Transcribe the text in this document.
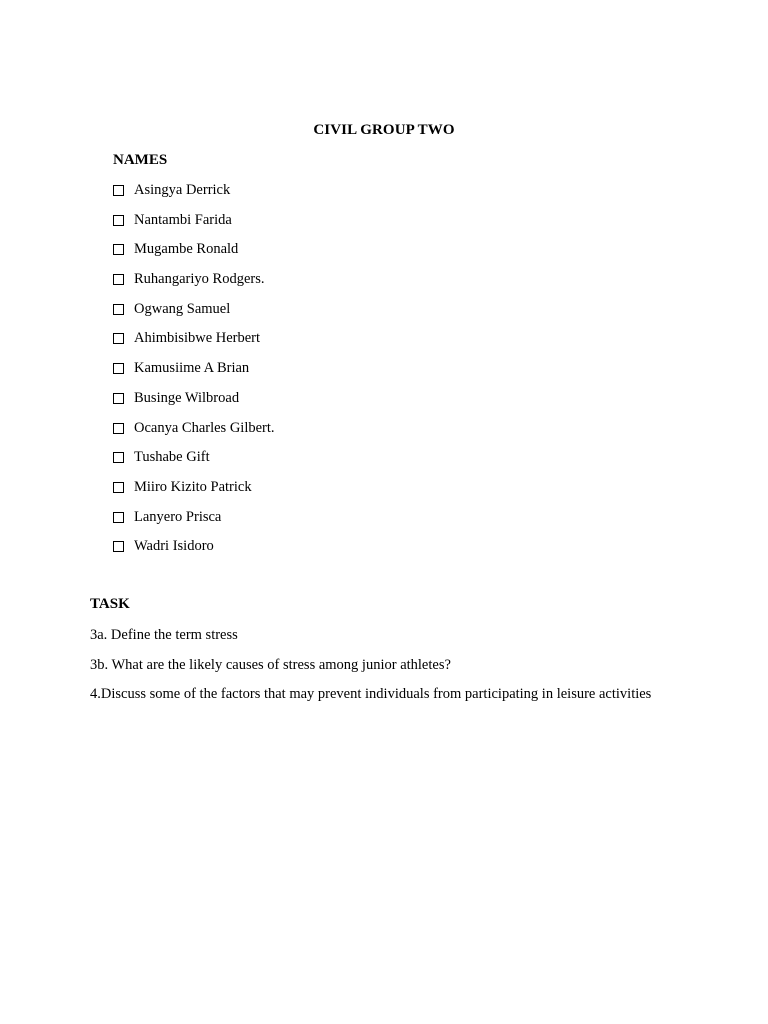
CIVIL GROUP TWO
NAMES
Asingya Derrick
Nantambi Farida
Mugambe Ronald
Ruhangariyo Rodgers.
Ogwang Samuel
Ahimbisibwe Herbert
Kamusiime A Brian
Businge Wilbroad
Ocanya Charles Gilbert.
Tushabe Gift
Miiro Kizito Patrick
Lanyero Prisca
Wadri Isidoro
TASK
3a. Define the term stress
3b. What are the likely causes of stress among junior athletes?
4.Discuss some of the factors that may prevent individuals from participating in leisure activities
